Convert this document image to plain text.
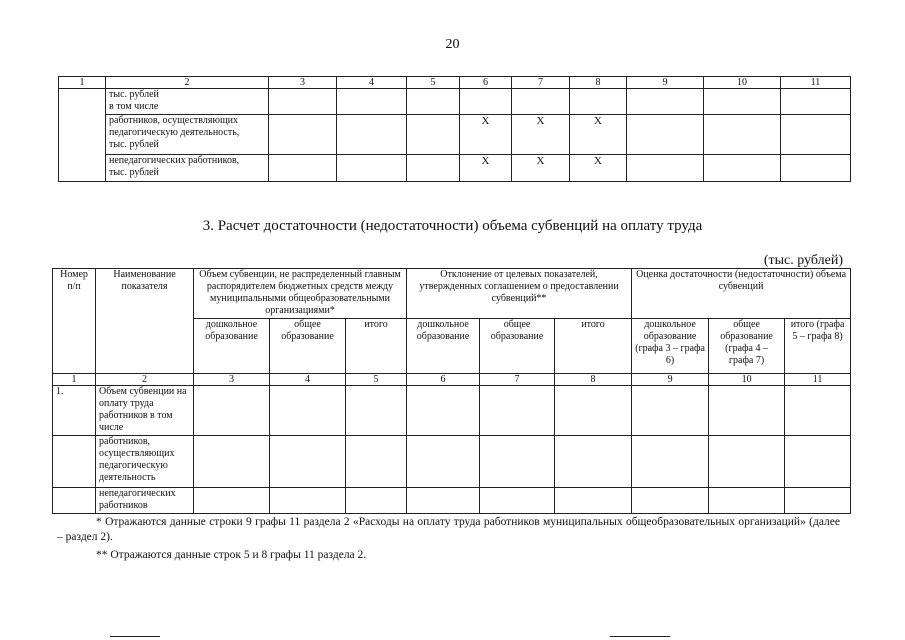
20
1	2	3	4	5	6	7	8	9	10	11

	тыс. рублей
в том числе									

	работников, осуществляющих
педагогическую деятельность,
тыс. рублей				Х	Х	Х			

	непедагогических работников,
тыс. рублей				Х	Х	Х			
3. Расчет достаточности (недостаточности) объема субвенций на оплату труда
(тыс. рублей)
Номер п/п	Наименование показателя	Объем субвенции, не распределенный главным распорядителем бюджетных средств между муниципальными общеобразовательными организациями*			Отклонение от целевых показателей, утвержденных соглашением о предоставлении субвенций**			Оценка достаточности (недостаточности) объема субвенций		
		дошкольное образование	общее образование	итого	дошкольное образование	общее образование	итого	дошкольное образование (графа 3 – графа 6)	общее образование (графа 4 – графа 7)	итого (графа 5 – графа 8)
1	2	3	4	5	6	7	8	9	10	11
1.	Объем субвенции на оплату труда работников в том числе									
	работников, осуществляющих педагогическую деятельность									
	непедагогических работников									
* Отражаются данные строки 9 графы 11 раздела 2 «Расходы на оплату труда работников муниципальных общеобразовательных организаций» (далее – раздел 2).
** Отражаются данные строк 5 и 8 графы 11 раздела 2.
